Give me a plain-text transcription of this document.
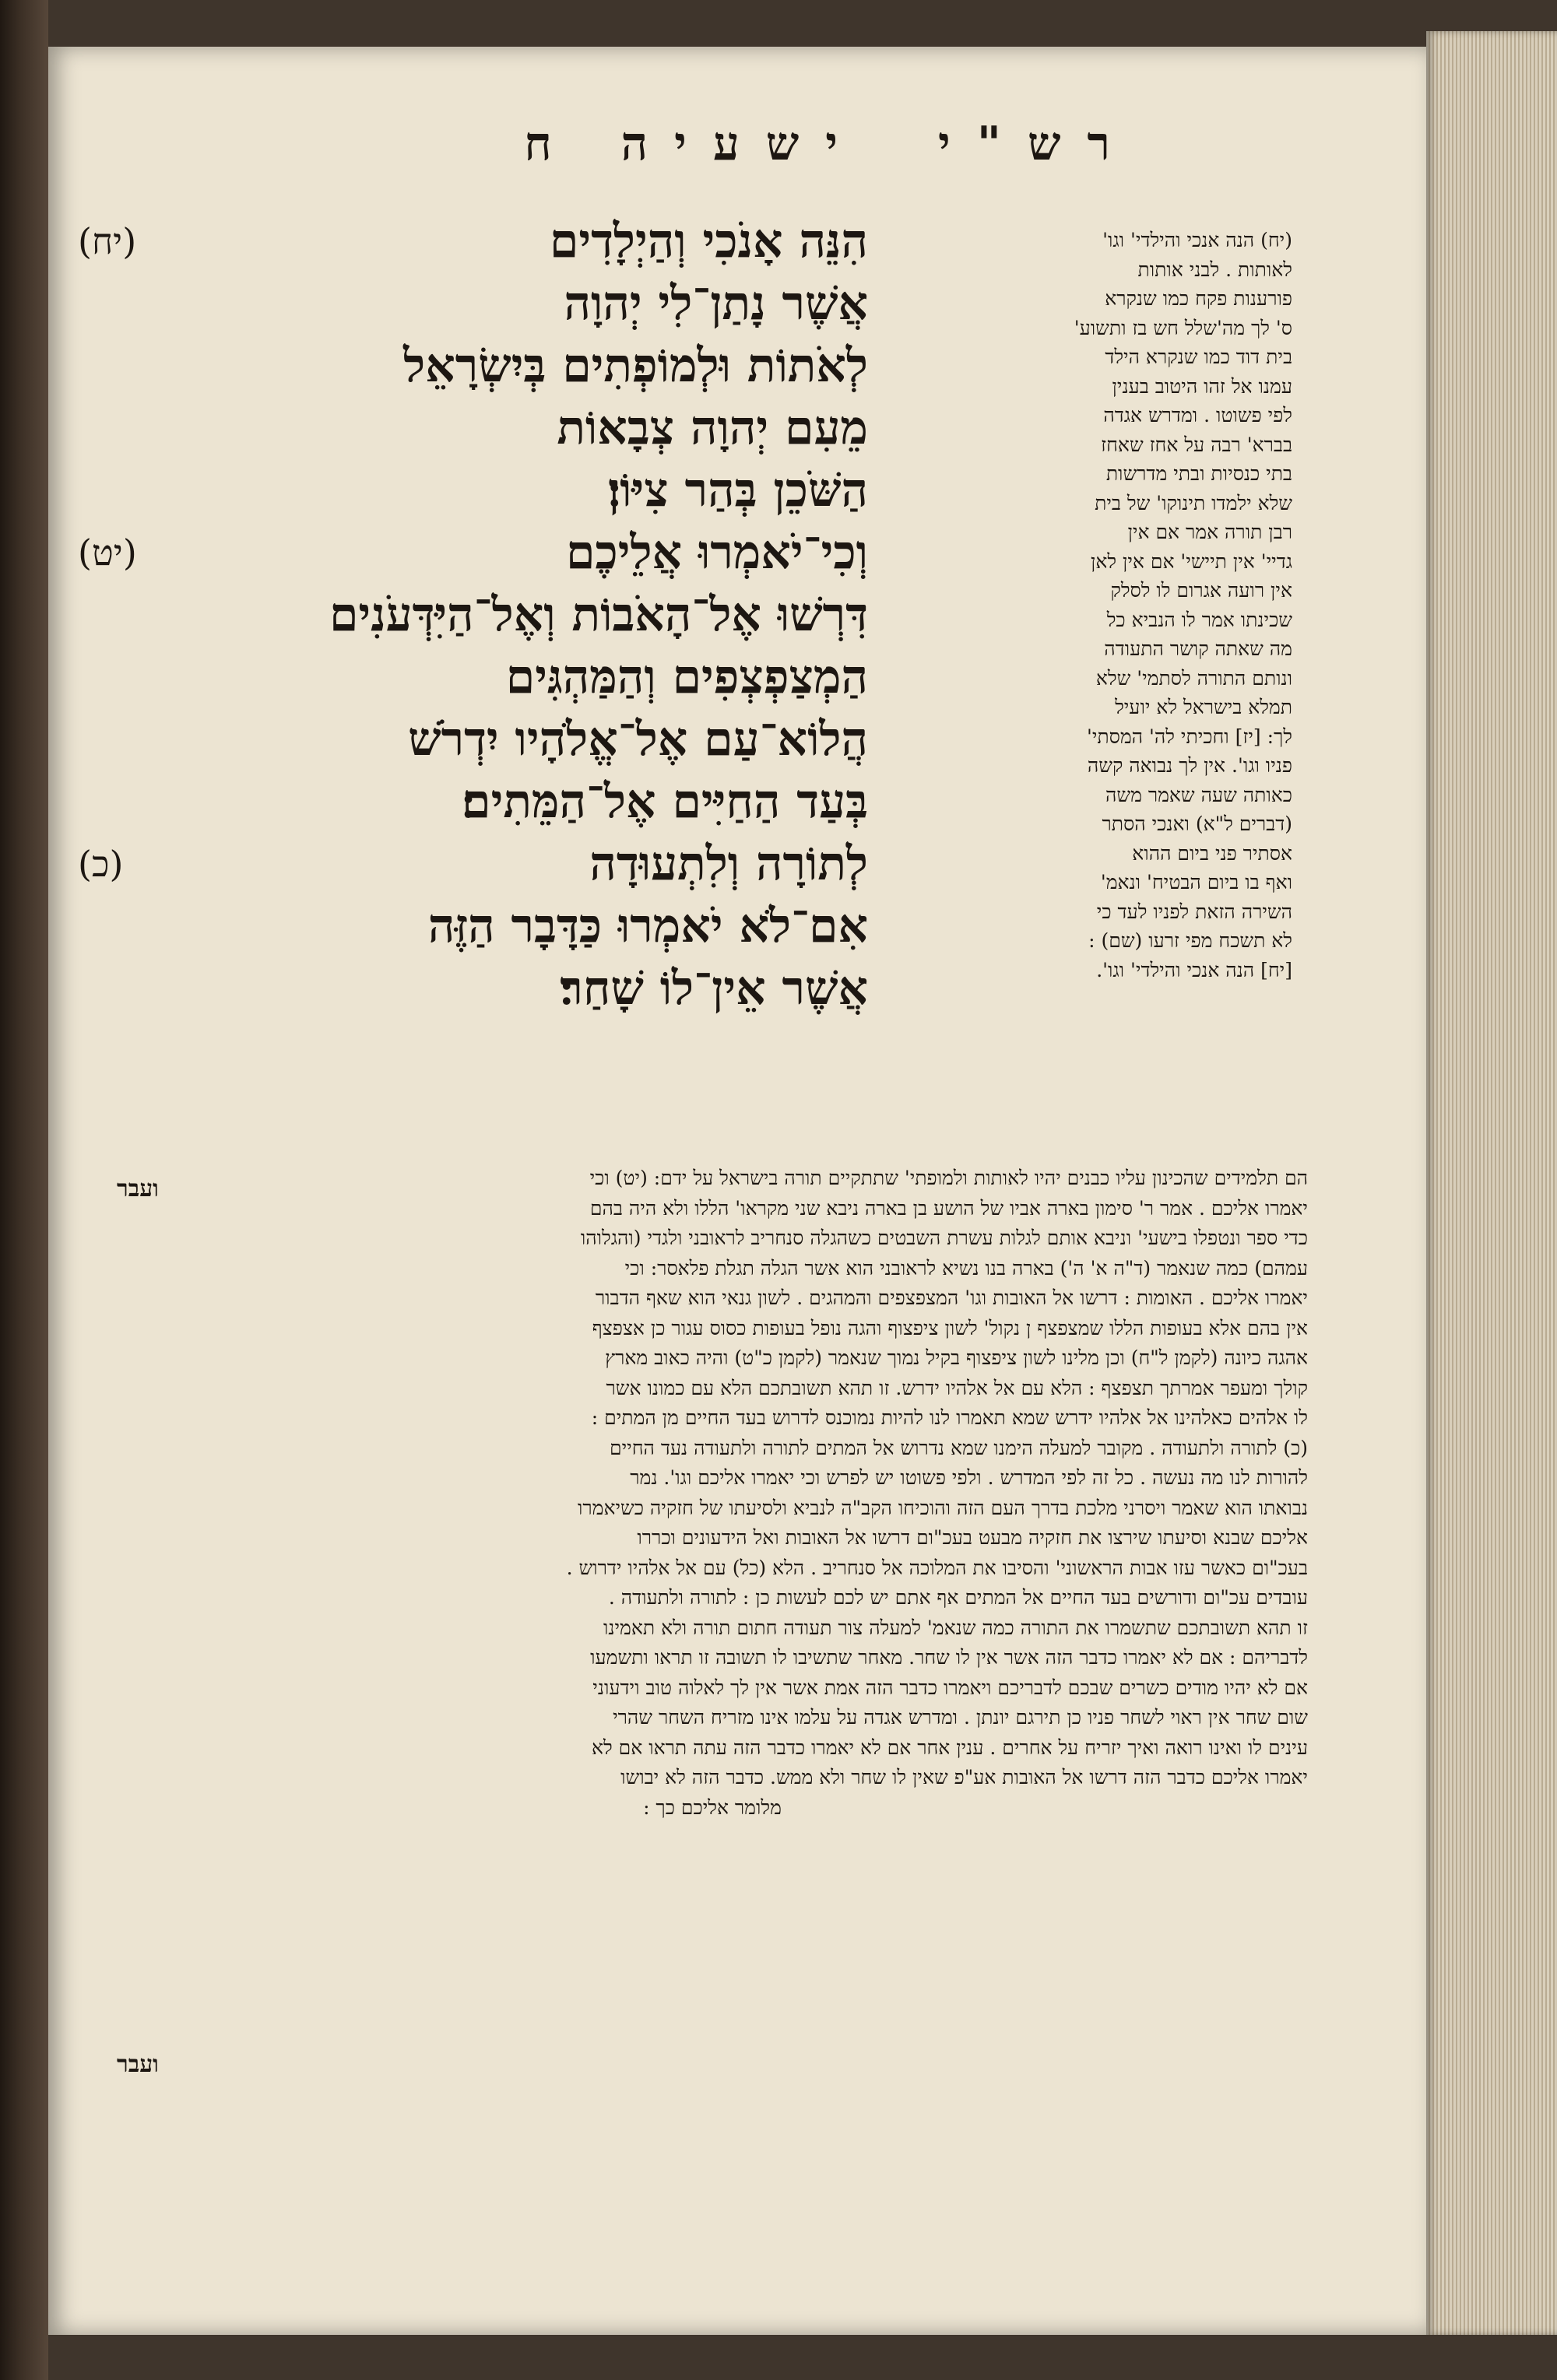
ישעיה ח	רש"י
(יח)	הִנֵּה אָנֹכִי וְהַיְלָדִים
אֲשֶׁר נָתַן־לִי יְהוָה
לְאֹתוֹת וּלְמוֹפְתִים בְּיִשְׂרָאֵל
מֵעִם יְהוָה צְבָאוֹת
הַשֹּׁכֵן בְּהַר צִיּוֹן׃
(יט)	וְכִי־יֹאמְרוּ אֲלֵיכֶם
דִּרְשׁוּ אֶל־הָאֹבוֹת וְאֶל־הַיִּדְּעֹנִים
הַמְצַפְצְפִים וְהַמַּהְגִּים
הֲלוֹא־עַם אֶל־אֱלֹהָיו יִדְרֹשׁ
בְּעַד הַחַיִּים אֶל־הַמֵּתִים׃
(כ)	לְתוֹרָה וְלִתְעוּדָה
אִם־לֹא יֹאמְרוּ כַּדָּבָר הַזֶּה
אֲשֶׁר אֵין־לוֹ שָׁחַר׃
(יח) הנה אנכי והילדי' וגו'
לאותות . לבני אותות
פורענות פקח כמו שנקרא
ס' לך מה'שלל חש בז ותשוע'
בית דוד כמו שנקרא הילד
עמנו אל זהו היטוב בענין
לפי פשוטו . ומדרש אגדה
בברא' רבה על אחז שאחז
בתי כנסיות ובתי מדרשות
שלא ילמדו תינוקו' של בית
רבן תורה אמר אם אין
גדיי' אין תיישי' אם אין לאן
אין רועה אגרום לו לסלק
שכינתו אמר לו הנביא כל
מה שאתה קושר התעודה
ונותם התורה לסתמי' שלא
תמלא בישראל לא יועיל
לך: [יז] וחכיתי לה' המסתי'
פניו וגו'. אין לך נבואה קשה
כאותה שעה שאמר משה
(דברים ל"א) ואנכי הסתר
אסתיר פני ביום ההוא
ואף בו ביום הבטיח' ונאמ'
השירה הזאת לפניו לעד כי
לא תשכח מפי זרעו (שם) :
[יח] הנה אנכי והילדי' וגו'.
ועבר	הם תלמידים שהכינון עליו כבנים יהיו לאותות ולמופתי' שתתקיים תורה בישראל על ידם: (יט) וכי
יאמרו אליכם . אמר ר' סימון בארה אביו של הושע בן בארה ניבא שני מקראו' הללו ולא היה בהם
כדי ספר ונטפלו בישעי' וניבא אותם לגלות עשרת השבטים כשהגלה סנחריב לראובני ולגדי (והגלוהו
עמהם) כמה שנאמר (ד"ה א' ה') בארה בנו נשיא לראובני הוא אשר הגלה תגלת פלאסר: וכי
יאמרו אליכם . האומות : דרשו אל האובות וגו' המצפצפים והמהגים . לשון גנאי הוא שאף הדבור
אין בהם אלא בעופות הללו שמצפצף ן נקול' לשון ציפצוף והגה נופל בעופות כסוס עגור כן אצפצף
אהגה כיונה (לקמן ל"ח) וכן מלינו לשון ציפצוף בקיל נמוך שנאמר (לקמן כ"ט) והיה כאוב מארץ
קולך ומעפר אמרתך תצפצף : הלא עם אל אלהיו ידרש. זו תהא תשובתכם הלא עם כמונו אשר
לו אלהים כאלהינו אל אלהיו ידרש שמא תאמרו לנו להיות נמוכנס לדרוש בעד החיים מן המתים :
(כ) לתורה ולתעודה . מקובר למעלה הימנו שמא נדרוש אל המתים לתורה ולתעודה נעד החיים
להורות לנו מה נעשה . כל זה לפי המדרש . ולפי פשוטו יש לפרש וכי יאמרו אליכם וגו'. נמר
נבואתו הוא שאמר ויסרני מלכת בדרך העם הזה והוכיחו הקב"ה לנביא ולסיעתו של חזקיה כשיאמרו
אליכם שבנא וסיעתו שירצו את חזקיה מבעט בעכ"ום דרשו אל האובות ואל הידעונים וכררו
בעכ"ום כאשר עזו אבות הראשוני' והסיבו את המלוכה אל סנחריב . הלא (כל) עם אל אלהיו ידרוש .
עובדים עכ"ום ודורשים בעד החיים אל המתים אף אתם יש לכם לעשות כן : לתורה ולתעודה .
זו תהא תשובתכם שתשמרו את התורה כמה שנאמ' למעלה צור תעודה חתום תורה ולא תאמינו
לדבריהם : אם לא יאמרו כדבר הזה אשר אין לו שחר. מאחר שתשיבו לו תשובה זו תראו ותשמעו
אם לא יהיו מודים כשרים שבכם לדבריכם ויאמרו כדבר הזה אמת אשר אין לך לאלוה טוב וידעוני
שום שחר אין ראוי לשחר פניו כן תירגם יונתן . ומדרש אגדה על עלמו אינו מזריח השחר שהרי
עינים לו ואינו רואה ואיך יזריח על אחרים . ענין אחר אם לא יאמרו כדבר הזה עתה תראו אם לא
יאמרו אליכם כדבר הזה דרשו אל האובות אע"פ שאין לו שחר ולא ממש. כדבר הזה לא יבושו
מלומר אליכם כך :
ועבר
